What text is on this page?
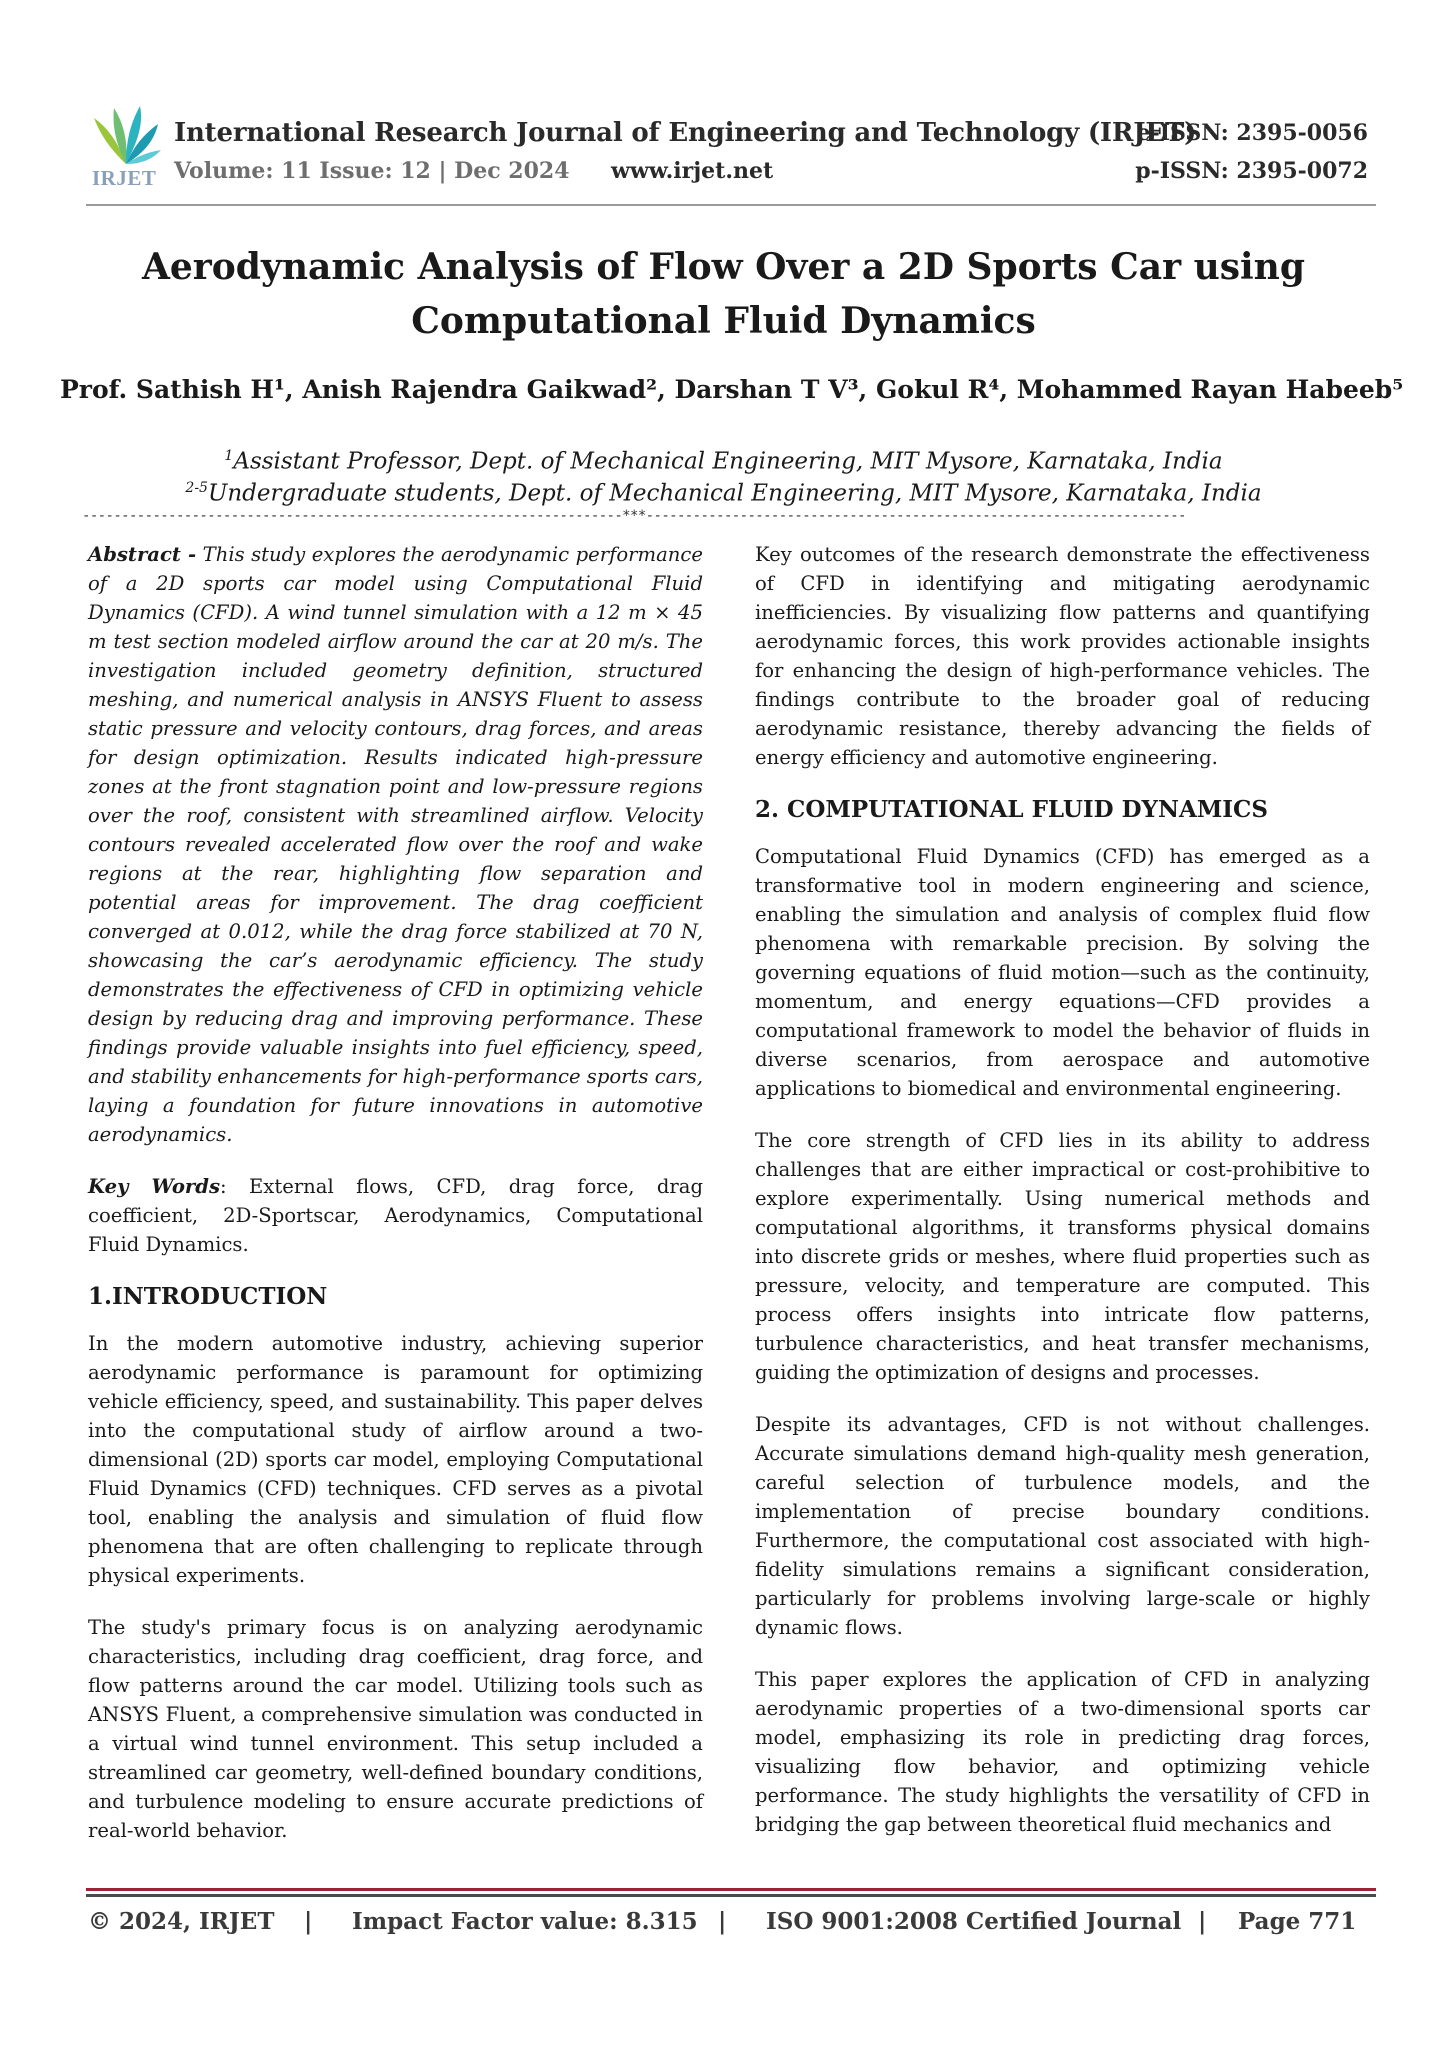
IRJET
International Research Journal of Engineering and Technology (IRJET)
Volume: 11 Issue: 12 | Dec 2024 www.irjet.net
e-ISSN: 2395-0056
p-ISSN: 2395-0072
Aerodynamic Analysis of Flow Over a 2D Sports Car using
Computational Fluid Dynamics
Prof. Sathish H¹, Anish Rajendra Gaikwad², Darshan T V³, Gokul R⁴, Mohammed Rayan Habeeb⁵
$^1$Assistant Professor, Dept. of Mechanical Engineering, MIT Mysore, Karnataka, India
$^{2-5}$Undergraduate students, Dept. of Mechanical Engineering, MIT Mysore, Karnataka, India
---------------------------------------------------------------------***---------------------------------------------------------------------

Abstract - This study explores the aerodynamic performance of a 2D sports car model using Computational Fluid Dynamics (CFD). A wind tunnel simulation with a 12 m × 45 m test section modeled airflow around the car at 20 m/s. The investigation included geometry definition, structured meshing, and numerical analysis in ANSYS Fluent to assess static pressure and velocity contours, drag forces, and areas for design optimization. Results indicated high-pressure zones at the front stagnation point and low-pressure regions over the roof, consistent with streamlined airflow. Velocity contours revealed accelerated flow over the roof and wake regions at the rear, highlighting flow separation and potential areas for improvement. The drag coefficient converged at 0.012, while the drag force stabilized at 70 N, showcasing the car’s aerodynamic efficiency. The study demonstrates the effectiveness of CFD in optimizing vehicle design by reducing drag and improving performance. These findings provide valuable insights into fuel efficiency, speed, and stability enhancements for high-performance sports cars, laying a foundation for future innovations in automotive aerodynamics.

Key Words: External flows, CFD, drag force, drag coefficient, 2D-Sportscar, Aerodynamics, Computational Fluid Dynamics.

1.INTRODUCTION

In the modern automotive industry, achieving superior aerodynamic performance is paramount for optimizing vehicle efficiency, speed, and sustainability. This paper delves into the computational study of airflow around a two-dimensional (2D) sports car model, employing Computational Fluid Dynamics (CFD) techniques. CFD serves as a pivotal tool, enabling the analysis and simulation of fluid flow phenomena that are often challenging to replicate through physical experiments.

The study's primary focus is on analyzing aerodynamic characteristics, including drag coefficient, drag force, and flow patterns around the car model. Utilizing tools such as ANSYS Fluent, a comprehensive simulation was conducted in a virtual wind tunnel environment. This setup included a streamlined car geometry, well-defined boundary conditions, and turbulence modeling to ensure accurate predictions of real-world behavior.

Key outcomes of the research demonstrate the effectiveness of CFD in identifying and mitigating aerodynamic inefficiencies. By visualizing flow patterns and quantifying aerodynamic forces, this work provides actionable insights for enhancing the design of high-performance vehicles. The findings contribute to the broader goal of reducing aerodynamic resistance, thereby advancing the fields of energy efficiency and automotive engineering.

2. COMPUTATIONAL FLUID DYNAMICS

Computational Fluid Dynamics (CFD) has emerged as a transformative tool in modern engineering and science, enabling the simulation and analysis of complex fluid flow phenomena with remarkable precision. By solving the governing equations of fluid motion—such as the continuity, momentum, and energy equations—CFD provides a computational framework to model the behavior of fluids in diverse scenarios, from aerospace and automotive applications to biomedical and environmental engineering.

The core strength of CFD lies in its ability to address challenges that are either impractical or cost-prohibitive to explore experimentally. Using numerical methods and computational algorithms, it transforms physical domains into discrete grids or meshes, where fluid properties such as pressure, velocity, and temperature are computed. This process offers insights into intricate flow patterns, turbulence characteristics, and heat transfer mechanisms, guiding the optimization of designs and processes.

Despite its advantages, CFD is not without challenges. Accurate simulations demand high-quality mesh generation, careful selection of turbulence models, and the implementation of precise boundary conditions. Furthermore, the computational cost associated with high-fidelity simulations remains a significant consideration, particularly for problems involving large-scale or highly dynamic flows.

This paper explores the application of CFD in analyzing aerodynamic properties of a two-dimensional sports car model, emphasizing its role in predicting drag forces, visualizing flow behavior, and optimizing vehicle performance. The study highlights the versatility of CFD in bridging the gap between theoretical fluid mechanics and

© 2024, IRJET | Impact Factor value: 8.315 | ISO 9001:2008 Certified Journal | Page 771
